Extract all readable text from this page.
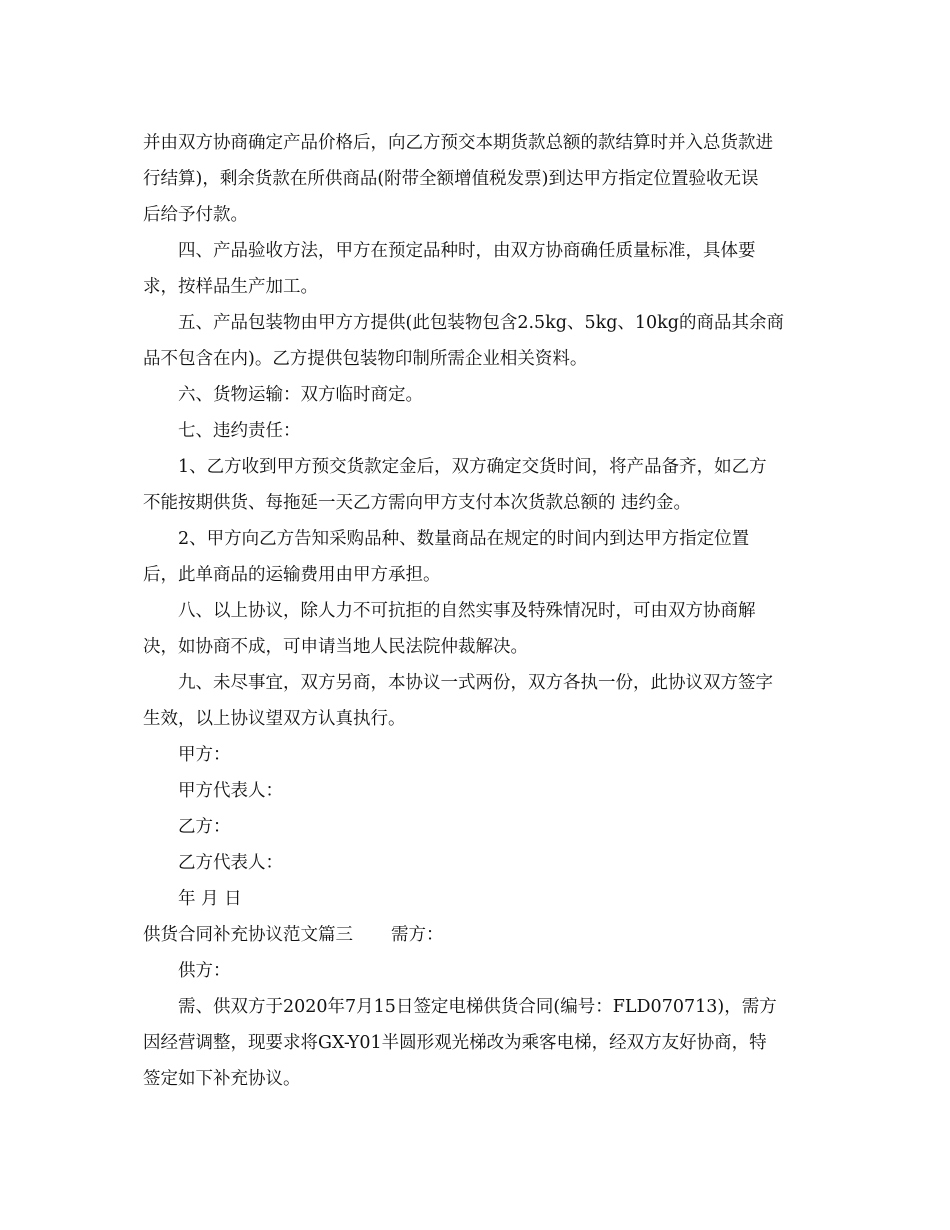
并由双方协商确定产品价格后，向乙方预交本期货款总额的款结算时并入总货款进
行结算)，剩余货款在所供商品(附带全额增值税发票)到达甲方指定位置验收无误
后给予付款。
四、产品验收方法，甲方在预定品种时，由双方协商确任质量标准，具体要
求，按样品生产加工。
五、产品包装物由甲方方提供(此包装物包含2.5kg、5kg、10kg的商品其余商
品不包含在内)。乙方提供包装物印制所需企业相关资料。
六、货物运输：双方临时商定。
七、违约责任：
1、乙方收到甲方预交货款定金后，双方确定交货时间，将产品备齐，如乙方
不能按期供货、每拖延一天乙方需向甲方支付本次货款总额的 违约金。
2、甲方向乙方告知采购品种、数量商品在规定的时间内到达甲方指定位置
后，此单商品的运输费用由甲方承担。
八、以上协议，除人力不可抗拒的自然实事及特殊情况时，可由双方协商解
决，如协商不成，可申请当地人民法院仲裁解决。
九、未尽事宜，双方另商，本协议一式两份，双方各执一份，此协议双方签字
生效，以上协议望双方认真执行。
甲方：
甲方代表人：
乙方：
乙方代表人：
年 月 日
供货合同补充协议范文篇三 需方：
供方：
需、供双方于2020年7月15日签定电梯供货合同(编号：FLD070713)，需方
因经营调整，现要求将GX-Y01半圆形观光梯改为乘客电梯，经双方友好协商，特
签定如下补充协议。
